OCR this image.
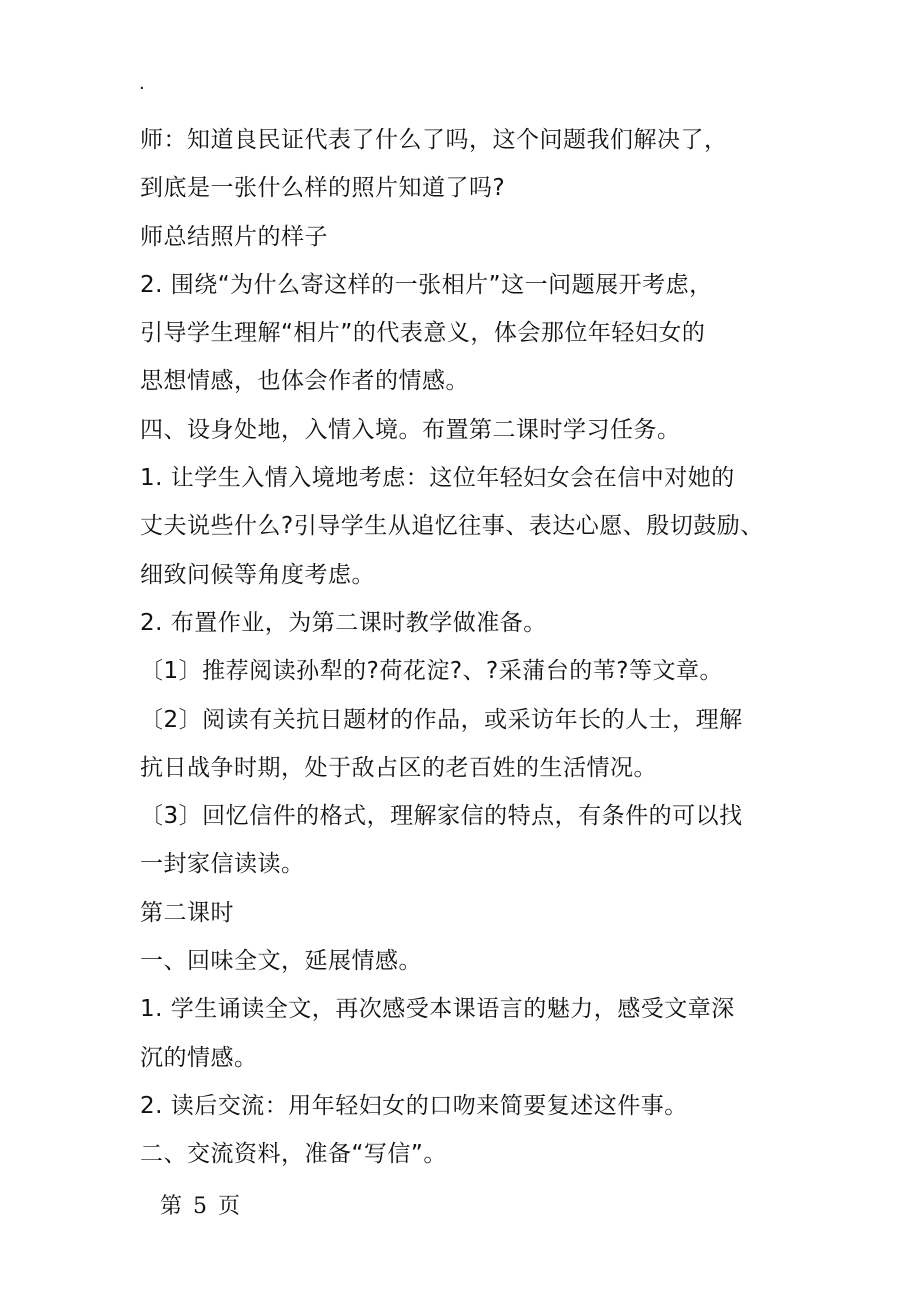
.
师：知道良民证代表了什么了吗，这个问题我们解决了，
到底是一张什么样的照片知道了吗?
师总结照片的样子
2. 围绕“为什么寄这样的一张相片”这一问题展开考虑，
引导学生理解“相片”的代表意义，体会那位年轻妇女的
思想情感，也体会作者的情感。
四、设身处地，入情入境。布置第二课时学习任务。
1. 让学生入情入境地考虑：这位年轻妇女会在信中对她的
丈夫说些什么?引导学生从追忆往事、表达心愿、殷切鼓励、
细致问候等角度考虑。
2. 布置作业，为第二课时教学做准备。
〔1〕推荐阅读孙犁的?荷花淀?、?采蒲台的苇?等文章。
〔2〕阅读有关抗日题材的作品，或采访年长的人士，理解
抗日战争时期，处于敌占区的老百姓的生活情况。
〔3〕回忆信件的格式，理解家信的特点，有条件的可以找
一封家信读读。
第二课时
一、回味全文，延展情感。
1. 学生诵读全文，再次感受本课语言的魅力，感受文章深
沉的情感。
2. 读后交流：用年轻妇女的口吻来简要复述这件事。
二、交流资料，准备“写信”。
第 5 页
